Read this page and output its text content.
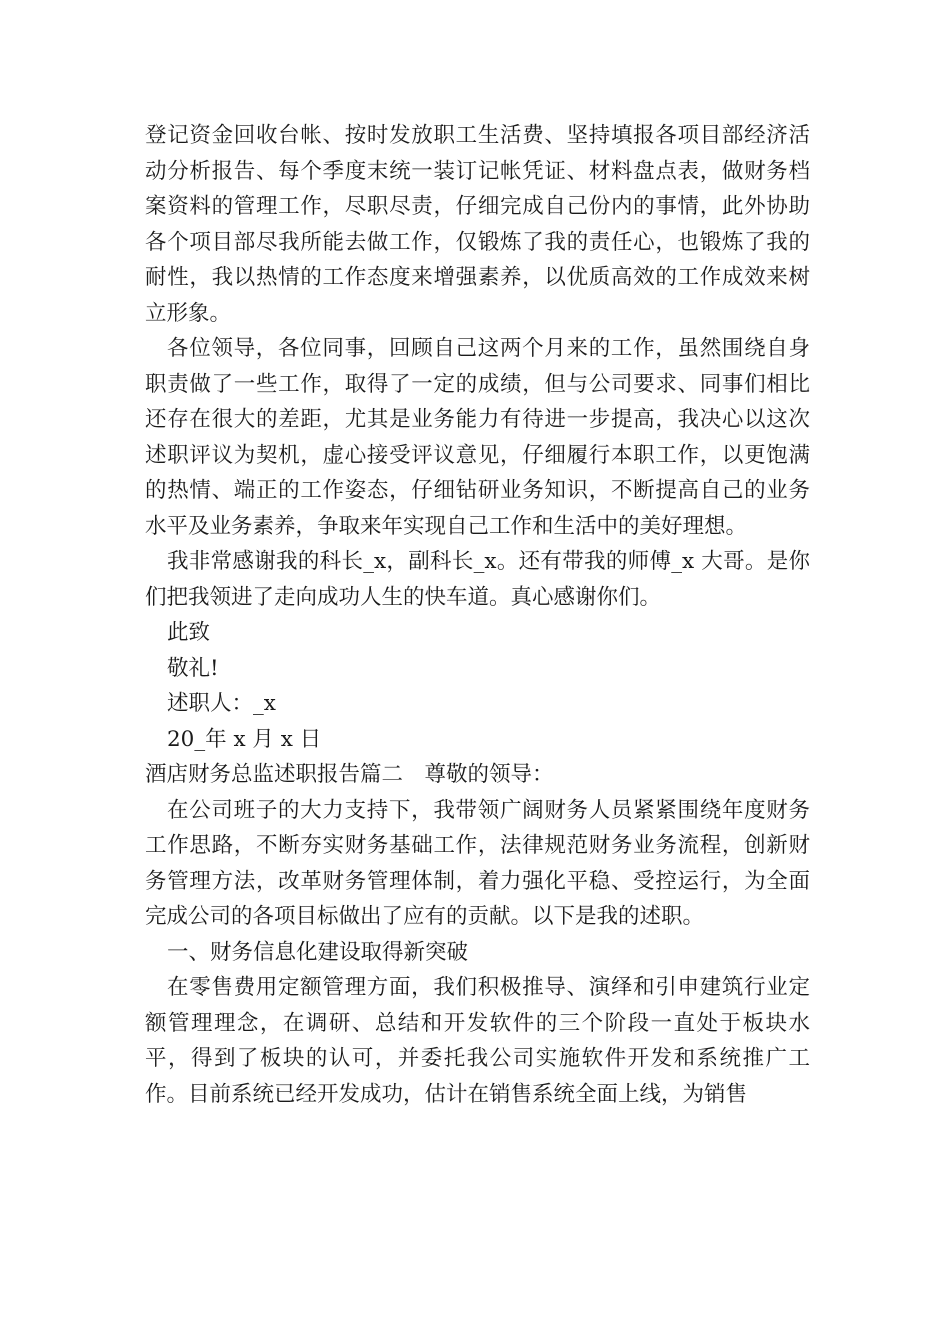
登记资金回收台帐、按时发放职工生活费、坚持填报各项目部经济活动分析报告、每个季度末统一装订记帐凭证、材料盘点表，做财务档案资料的管理工作，尽职尽责，仔细完成自己份内的事情，此外协助各个项目部尽我所能去做工作，仅锻炼了我的责任心，也锻炼了我的耐性，我以热情的工作态度来增强素养，以优质高效的工作成效来树立形象。

各位领导，各位同事，回顾自己这两个月来的工作，虽然围绕自身职责做了一些工作，取得了一定的成绩，但与公司要求、同事们相比还存在很大的差距，尤其是业务能力有待进一步提高，我决心以这次述职评议为契机，虚心接受评议意见，仔细履行本职工作，以更饱满的热情、端正的工作姿态，仔细钻研业务知识，不断提高自己的业务水平及业务素养，争取来年实现自己工作和生活中的美好理想。

我非常感谢我的科长_x，副科长_x。还有带我的师傅_x 大哥。是你们把我领进了走向成功人生的快车道。真心感谢你们。

此致

敬礼!

述职人：_x

20_年 x 月 x 日

酒店财务总监述职报告篇二　尊敬的领导：

在公司班子的大力支持下，我带领广阔财务人员紧紧围绕年度财务工作思路，不断夯实财务基础工作，法律规范财务业务流程，创新财务管理方法，改革财务管理体制，着力强化平稳、受控运行，为全面完成公司的各项目标做出了应有的贡献。以下是我的述职。

一、财务信息化建设取得新突破

在零售费用定额管理方面，我们积极推导、演绎和引申建筑行业定额管理理念，在调研、总结和开发软件的三个阶段一直处于板块水平，得到了板块的认可，并委托我公司实施软件开发和系统推广工作。目前系统已经开发成功，估计在销售系统全面上线，为销售
